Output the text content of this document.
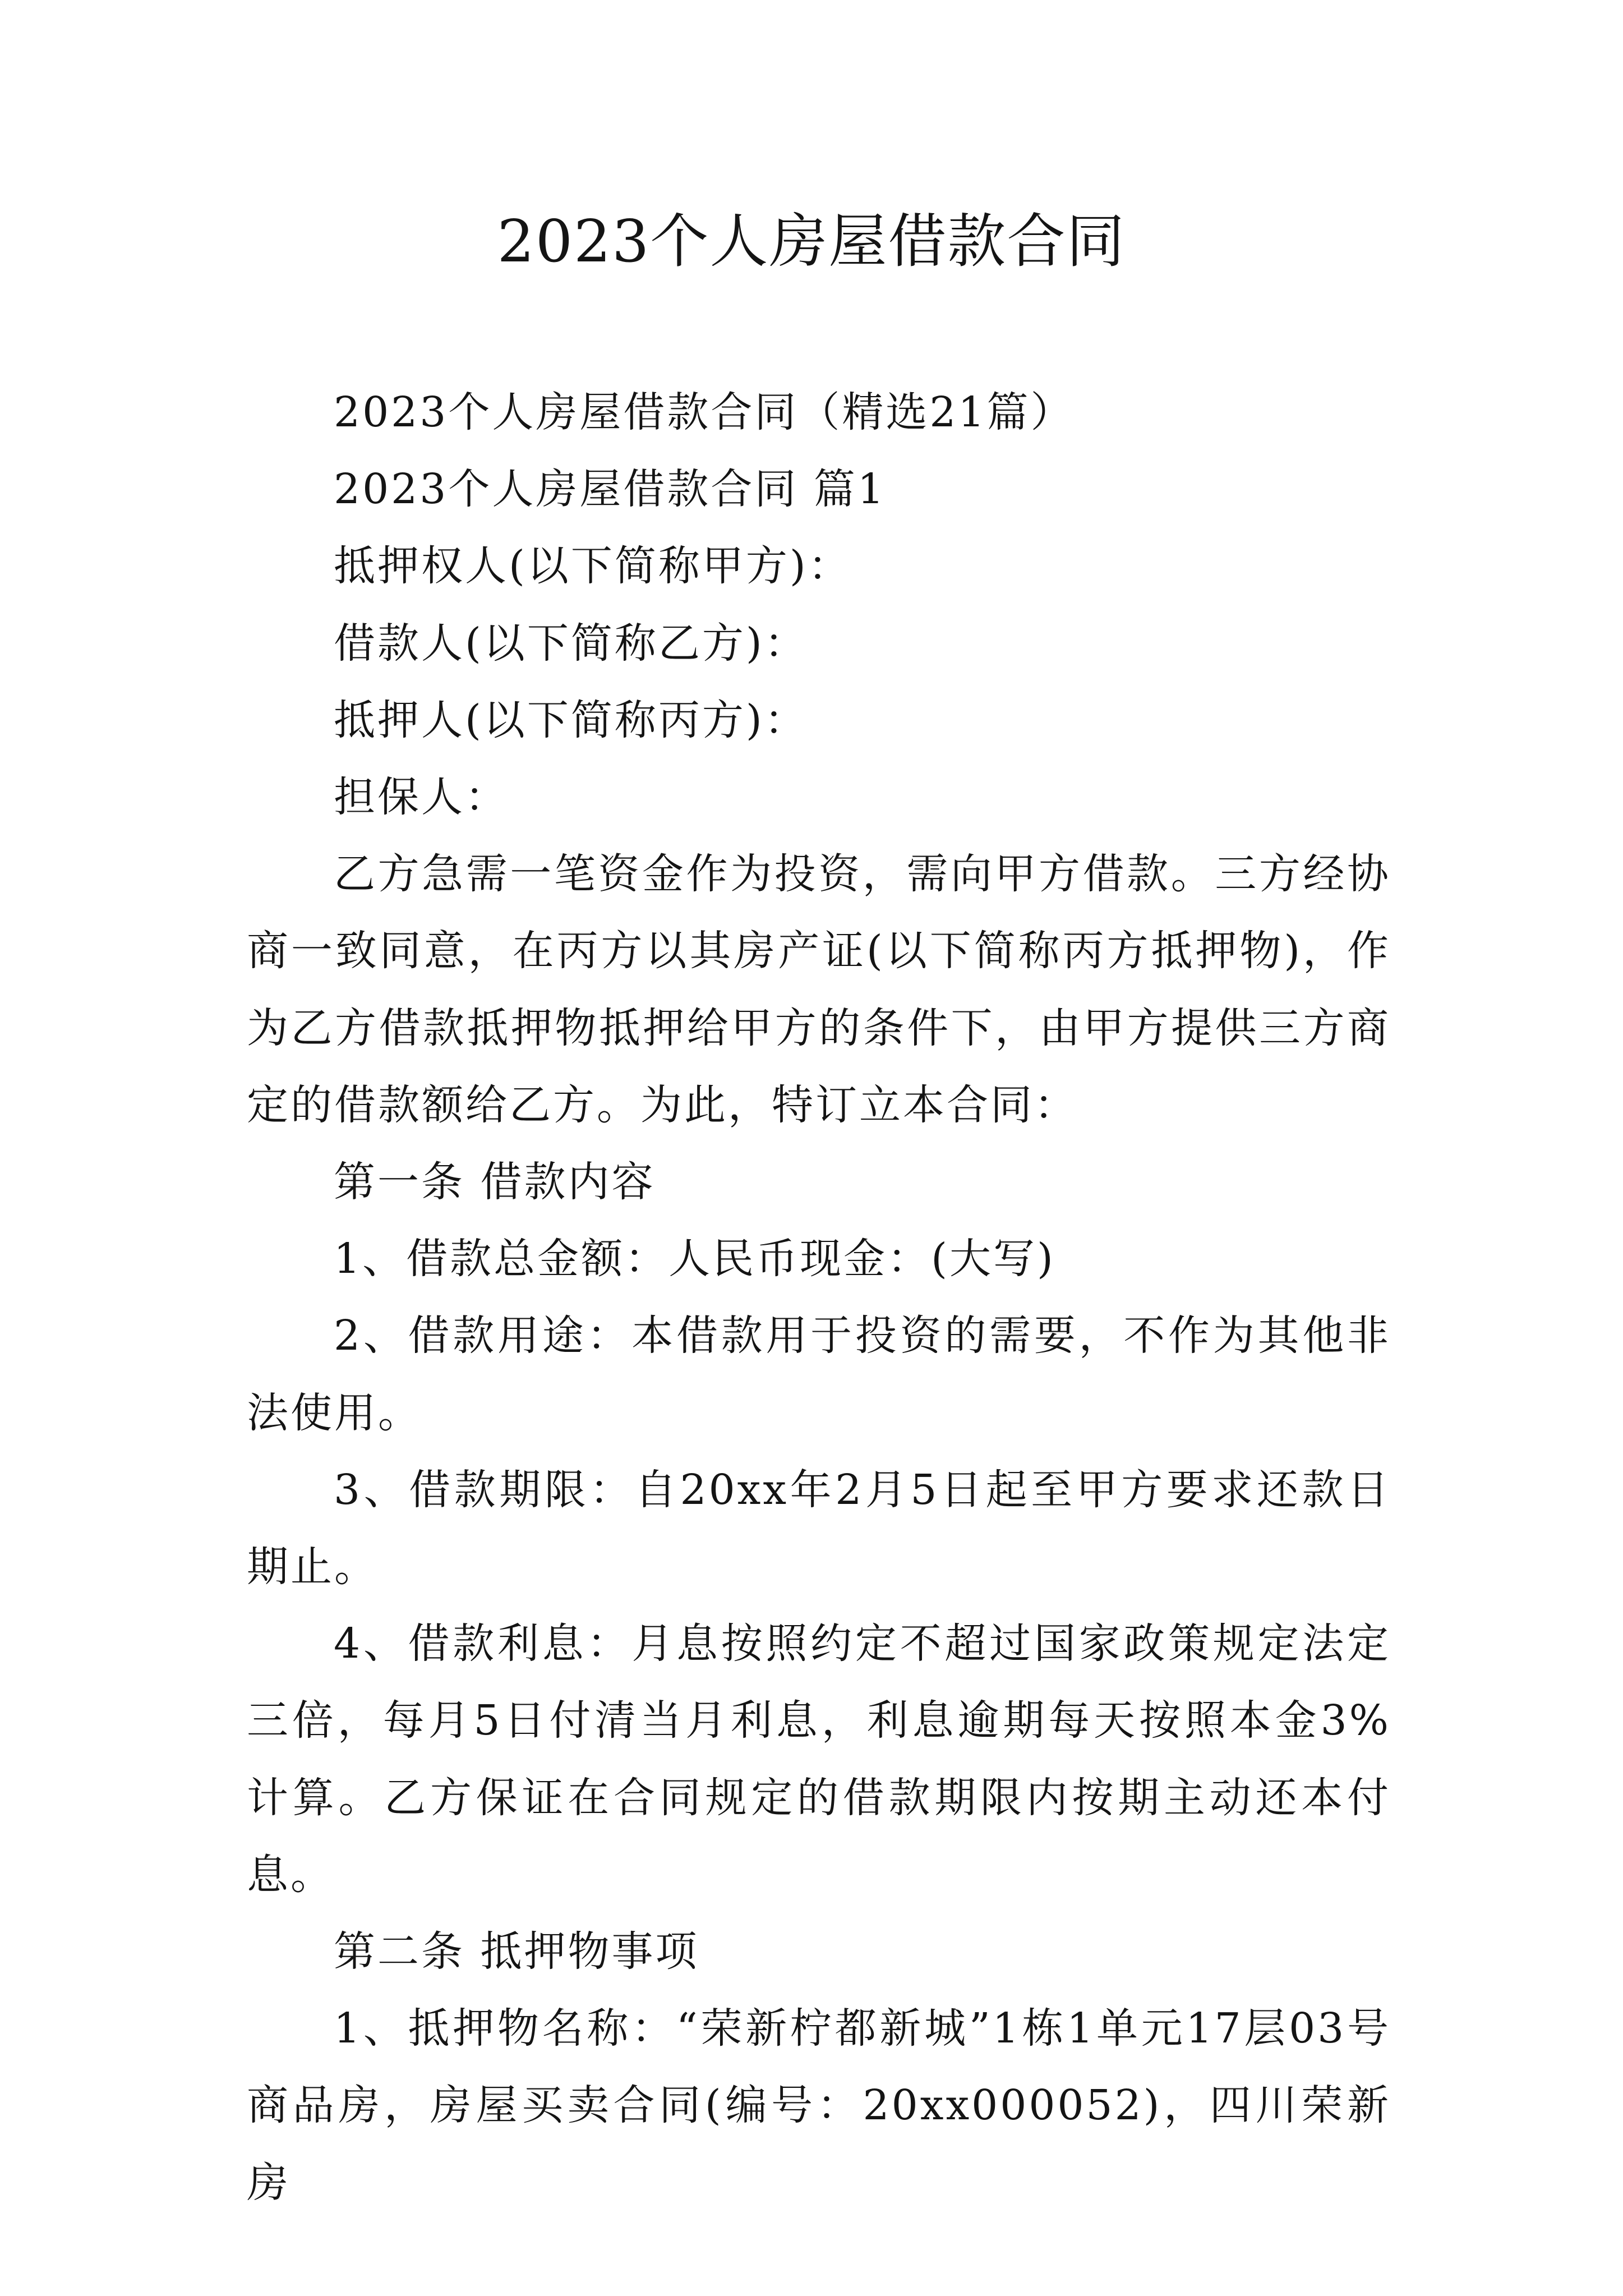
2023个人房屋借款合同

2023个人房屋借款合同（精选21篇）

2023个人房屋借款合同 篇1

抵押权人(以下简称甲方)：

借款人(以下简称乙方)：

抵押人(以下简称丙方)：

担保人：

乙方急需一笔资金作为投资，需向甲方借款。三方经协商一致同意，在丙方以其房产证(以下简称丙方抵押物)，作为乙方借款抵押物抵押给甲方的条件下，由甲方提供三方商定的借款额给乙方。为此，特订立本合同：

第一条 借款内容

1、借款总金额：人民币现金：(大写)

2、借款用途：本借款用于投资的需要，不作为其他非法使用。

3、借款期限：自20xx年2月5日起至甲方要求还款日期止。

4、借款利息：月息按照约定不超过国家政策规定法定三倍，每月5日付清当月利息，利息逾期每天按照本金3%计算。乙方保证在合同规定的借款期限内按期主动还本付息。

第二条 抵押物事项

1、抵押物名称：“荣新柠都新城”1栋1单元17层03号商品房，房屋买卖合同(编号：20xx000052)，四川荣新房
